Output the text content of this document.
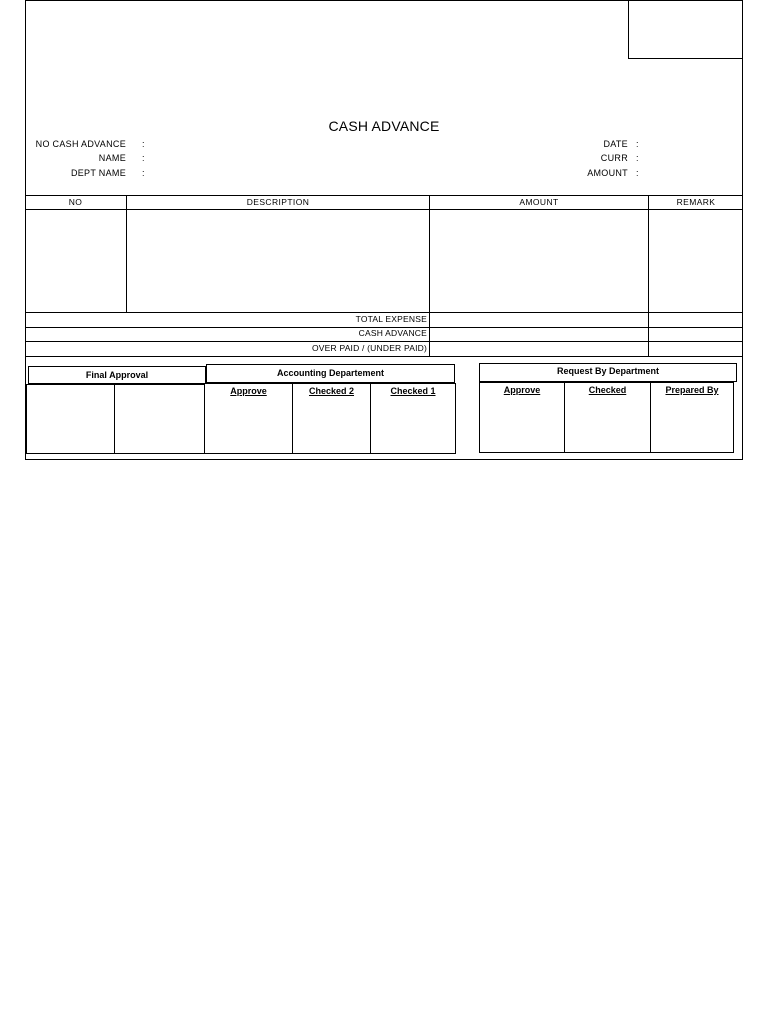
CASH ADVANCE
NO CASH ADVANCE :
NAME :
DEPT NAME :
DATE :
CURR :
AMOUNT :
NO	DESCRIPTION	AMOUNT	REMARK
TOTAL EXPENSE
CASH ADVANCE
OVER PAID / (UNDER PAID)
Final Approval	Accounting Departement
Approve	Checked 2	Checked 1
Request By Department
Approve	Checked	Prepared By
